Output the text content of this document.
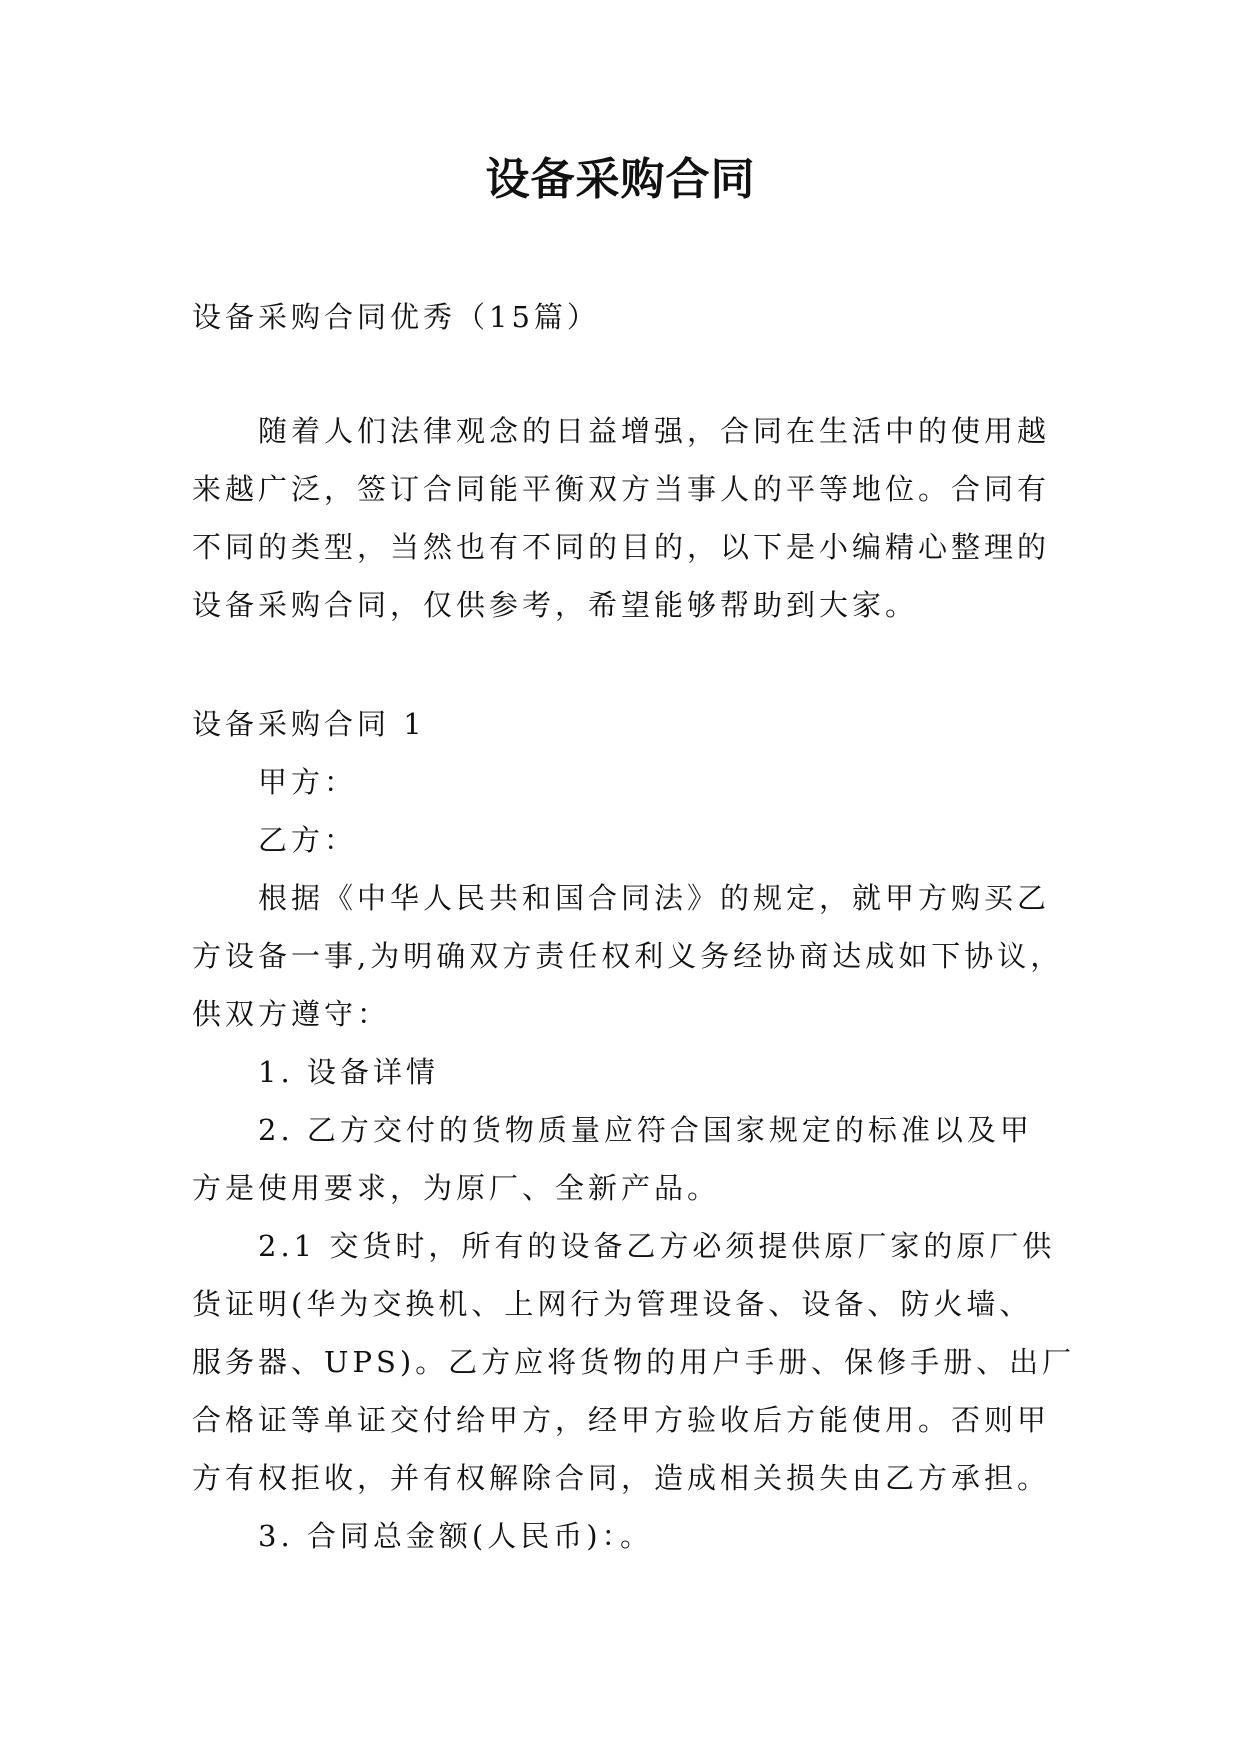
设备采购合同
设备采购合同优秀（15篇）
随着人们法律观念的日益增强，合同在生活中的使用越
来越广泛，签订合同能平衡双方当事人的平等地位。合同有
不同的类型，当然也有不同的目的，以下是小编精心整理的
设备采购合同，仅供参考，希望能够帮助到大家。
设备采购合同 1
甲方：
乙方：
根据《中华人民共和国合同法》的规定，就甲方购买乙
方设备一事,为明确双方责任权利义务经协商达成如下协议，
供双方遵守：
1. 设备详情
2. 乙方交付的货物质量应符合国家规定的标准以及甲
方是使用要求，为原厂、全新产品。
2.1 交货时，所有的设备乙方必须提供原厂家的原厂供
货证明(华为交换机、上网行为管理设备、设备、防火墙、
服务器、UPS)。乙方应将货物的用户手册、保修手册、出厂
合格证等单证交付给甲方，经甲方验收后方能使用。否则甲
方有权拒收，并有权解除合同，造成相关损失由乙方承担。
3. 合同总金额(人民币)：。
